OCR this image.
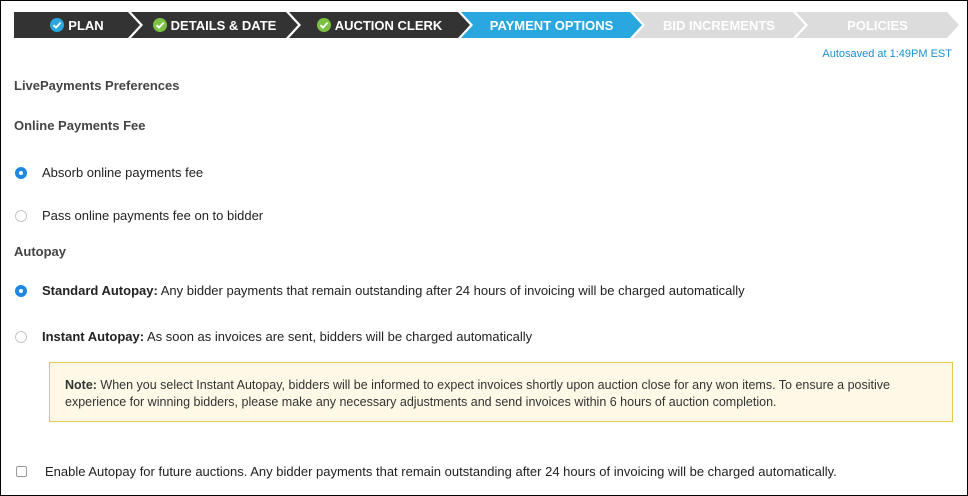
PLAN	DETAILS & DATE	AUCTION CLERK	PAYMENT OPTIONS	BID INCREMENTS	POLICIES
Autosaved at 1:49PM EST
LivePayments Preferences
Online Payments Fee
Absorb online payments fee
Pass online payments fee on to bidder
Autopay
Standard Autopay: Any bidder payments that remain outstanding after 24 hours of invoicing will be charged automatically
Instant Autopay: As soon as invoices are sent, bidders will be charged automatically
Note: When you select Instant Autopay, bidders will be informed to expect invoices shortly upon auction close for any won items. To ensure a positive experience for winning bidders, please make any necessary adjustments and send invoices within 6 hours of auction completion.
Enable Autopay for future auctions. Any bidder payments that remain outstanding after 24 hours of invoicing will be charged automatically.
